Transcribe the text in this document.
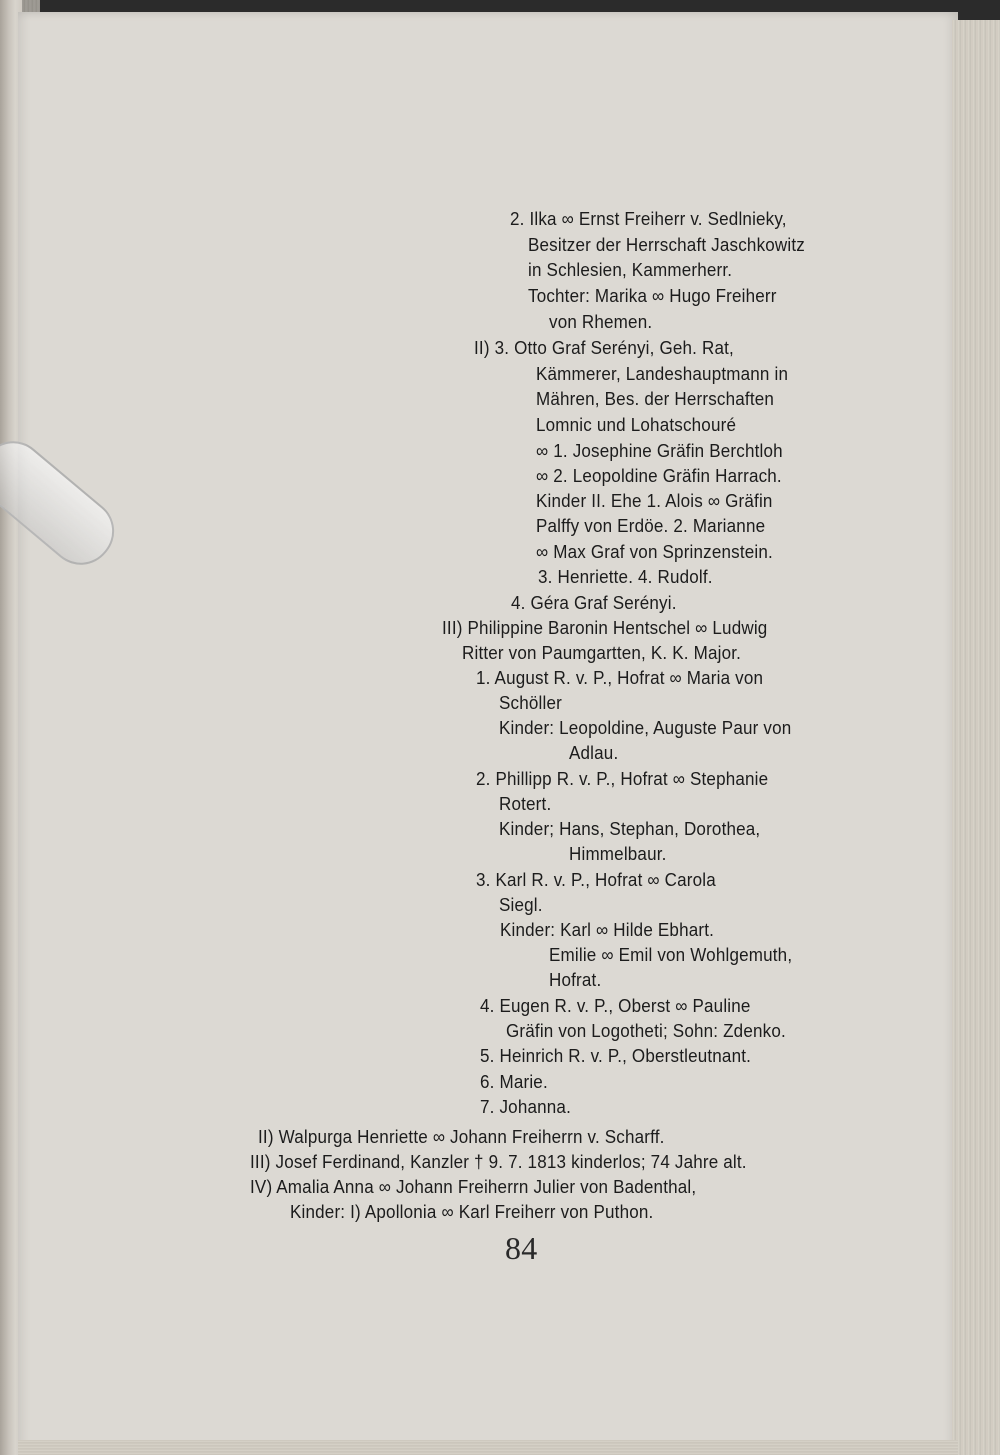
2. Ilka ∞ Ernst Freiherr v. Sedlnieky,
Besitzer der Herrschaft Jaschkowitz
in Schlesien, Kammerherr.
Tochter: Marika ∞ Hugo Freiherr
von Rhemen.
II) 3. Otto Graf Serényi, Geh. Rat,
Kämmerer, Landeshauptmann in
Mähren, Bes. der Herrschaften
Lomnic und Lohatschouré
∞ 1. Josephine Gräfin Berchtloh
∞ 2. Leopoldine Gräfin Harrach.
Kinder II. Ehe 1. Alois ∞ Gräfin
Palffy von Erdöe. 2. Marianne
∞ Max Graf von Sprinzenstein.
3. Henriette. 4. Rudolf.
4. Géra Graf Serényi.
III) Philippine Baronin Hentschel ∞ Ludwig
Ritter von Paumgartten, K. K. Major.
1. August R. v. P., Hofrat ∞ Maria von
Schöller
Kinder: Leopoldine, Auguste Paur von
Adlau.
2. Phillipp R. v. P., Hofrat ∞ Stephanie
Rotert.
Kinder; Hans, Stephan, Dorothea,
Himmelbaur.
3. Karl R. v. P., Hofrat ∞ Carola
Siegl.
Kinder: Karl ∞ Hilde Ebhart.
Emilie ∞ Emil von Wohlgemuth,
Hofrat.
4. Eugen R. v. P., Oberst ∞ Pauline
Gräfin von Logotheti; Sohn: Zdenko.
5. Heinrich R. v. P., Oberstleutnant.
6. Marie.
7. Johanna.
II) Walpurga Henriette ∞ Johann Freiherrn v. Scharff.
III) Josef Ferdinand, Kanzler † 9. 7. 1813 kinderlos; 74 Jahre alt.
IV) Amalia Anna ∞ Johann Freiherrn Julier von Badenthal,
Kinder: I) Apollonia ∞ Karl Freiherr von Puthon.
84
